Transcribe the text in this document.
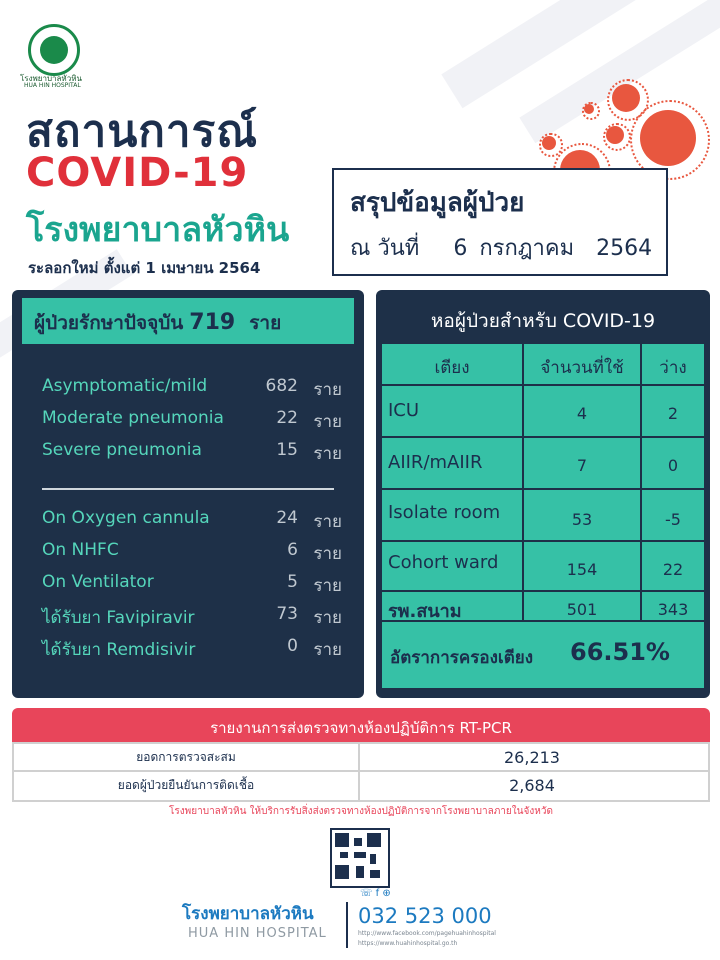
โรงพยาบาลหัวหิน
HUA HIN HOSPITAL
สถานการณ์
COVID-19
โรงพยาบาลหัวหิน
ระลอกใหม่ ตั้งแต่ 1 เมษายน 2564
สรุปข้อมูลผู้ป่วย
ณ วันที่ 6 กรกฎาคม 2564
ผู้ป่วยรักษาปัจจุบัน 719 ราย
Asymptomatic/mild	682 ราย
Moderate pneumonia	22 ราย
Severe pneumonia	15 ราย
On Oxygen cannula	24 ราย
On NHFC	6 ราย
On Ventilator	5 ราย
ได้รับยา Favipiravir	73 ราย
ได้รับยา Remdisivir	0 ราย
หอผู้ป่วยสำหรับ COVID-19
เตียง	จำนวนที่ใช้	ว่าง
ICU	4	2
AIIR/mAIIR	7	0
Isolate room	53	-5
Cohort ward	154	22
รพ.สนาม	501	343
อัตราการครองเตียง 66.51%
รายงานการส่งตรวจทางห้องปฏิบัติการ RT-PCR
ยอดการตรวจสะสม	26,213
ยอดผู้ป่วยยืนยันการติดเชื้อ	2,684
โรงพยาบาลหัวหิน ให้บริการรับสิ่งส่งตรวจทางห้องปฏิบัติการจากโรงพยาบาลภายในจังหวัด
โรงพยาบาลหัวหิน
HUA HIN HOSPITAL
☏ f ⊕
032 523 000
http://www.facebook.com/pagehuahinhospital
https://www.huahinhospital.go.th
